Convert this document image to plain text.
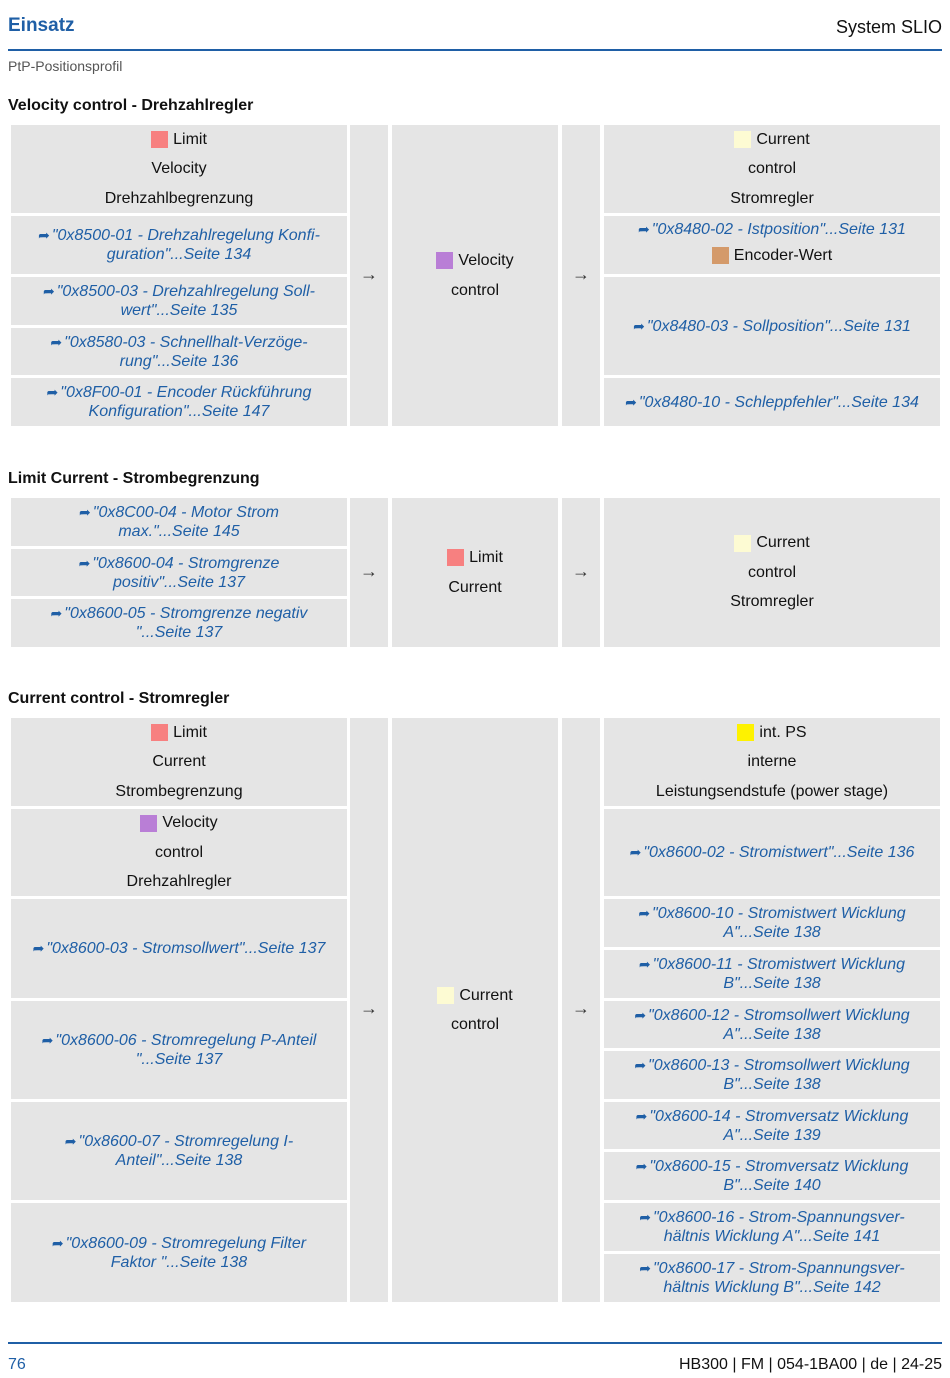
Einsatz	System SLIO
PtP-Positionsprofil
Velocity control - Drehzahlregler
Limit
Velocity
Drehzahlbegrenzung
➦ "0x8500-01 - Drehzahlregelung Konfi-
guration"...Seite 134
➦ "0x8500-03 - Drehzahlregelung Soll-
wert"...Seite 135
➦ "0x8580-03 - Schnellhalt-Verzöge-
rung"...Seite 136
➦ "0x8F00-01 - Encoder Rückführung
Konfiguration"...Seite 147
→
Velocity
control
→
Current
control
Stromregler
➦ "0x8480-02 - Istposition"...Seite 131
Encoder-Wert
➦ "0x8480-03 - Sollposition"...Seite 131
➦ "0x8480-10 - Schleppfehler"...Seite 134
Limit Current - Strombegrenzung
➦ "0x8C00-04 - Motor Strom
max."...Seite 145
➦ "0x8600-04 - Stromgrenze
positiv"...Seite 137
➦ "0x8600-05 - Stromgrenze negativ
"...Seite 137
→
Limit
Current
→
Current
control
Stromregler
Current control - Stromregler
Limit
Current
Strombegrenzung
Velocity
control
Drehzahlregler
➦ "0x8600-03 - Stromsollwert"...Seite 137
➦ "0x8600-06 - Stromregelung P-Anteil
"...Seite 137
➦ "0x8600-07 - Stromregelung I-
Anteil"...Seite 138
➦ "0x8600-09 - Stromregelung Filter
Faktor "...Seite 138
→
Current
control
→
int. PS
interne
Leistungsendstufe (power stage)
➦ "0x8600-02 - Stromistwert"...Seite 136
➦ "0x8600-10 - Stromistwert Wicklung
A"...Seite 138
➦ "0x8600-11 - Stromistwert Wicklung
B"...Seite 138
➦ "0x8600-12 - Stromsollwert Wicklung
A"...Seite 138
➦ "0x8600-13 - Stromsollwert Wicklung
B"...Seite 138
➦ "0x8600-14 - Stromversatz Wicklung
A"...Seite 139
➦ "0x8600-15 - Stromversatz Wicklung
B"...Seite 140
➦ "0x8600-16 - Strom-Spannungsver-
hältnis Wicklung A"...Seite 141
➦ "0x8600-17 - Strom-Spannungsver-
hältnis Wicklung B"...Seite 142
76	HB300 | FM | 054-1BA00 | de | 24-25
